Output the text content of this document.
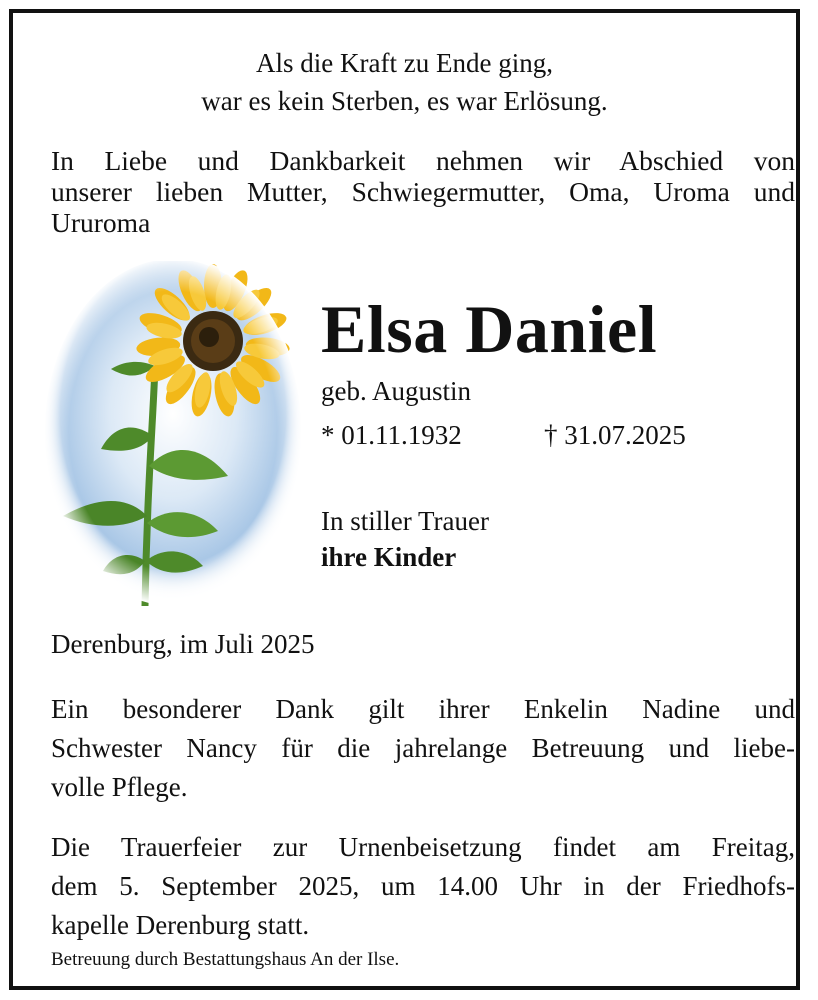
Als die Kraft zu Ende ging,
war es kein Sterben, es war Erlösung.
In Liebe und Dankbarkeit nehmen wir Abschied von
unserer lieben Mutter, Schwiegermutter, Oma, Uroma und
Ururoma
Elsa Daniel
geb. Augustin
* 01.11.1932	† 31.07.2025
In stiller Trauer
ihre Kinder
Derenburg, im Juli 2025
Ein besonderer Dank gilt ihrer Enkelin Nadine und
Schwester Nancy für die jahrelange Betreuung und liebe-
volle Pflege.
Die Trauerfeier zur Urnenbeisetzung findet am Freitag,
dem 5. September 2025, um 14.00 Uhr in der Friedhofs-
kapelle Derenburg statt.
Betreuung durch Bestattungshaus An der Ilse.
